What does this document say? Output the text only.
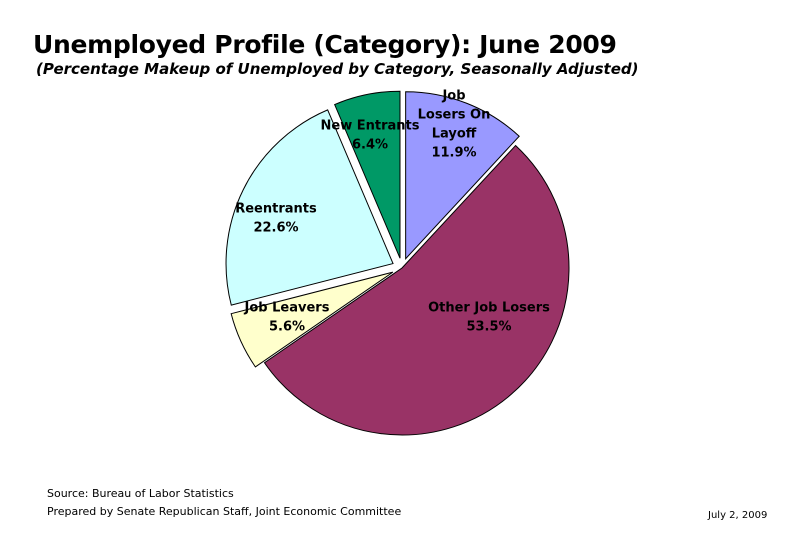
Unemployed Profile (Category): June 2009
(Percentage Makeup of Unemployed by Category, Seasonally Adjusted)
Job Losers On Layoff 11.9%
Other Job Losers 53.5%
Job Leavers 5.6%
Reentrants 22.6%
New Entrants 6.4%
Source: Bureau of Labor Statistics
Prepared by Senate Republican Staff, Joint Economic Committee	July 2, 2009
